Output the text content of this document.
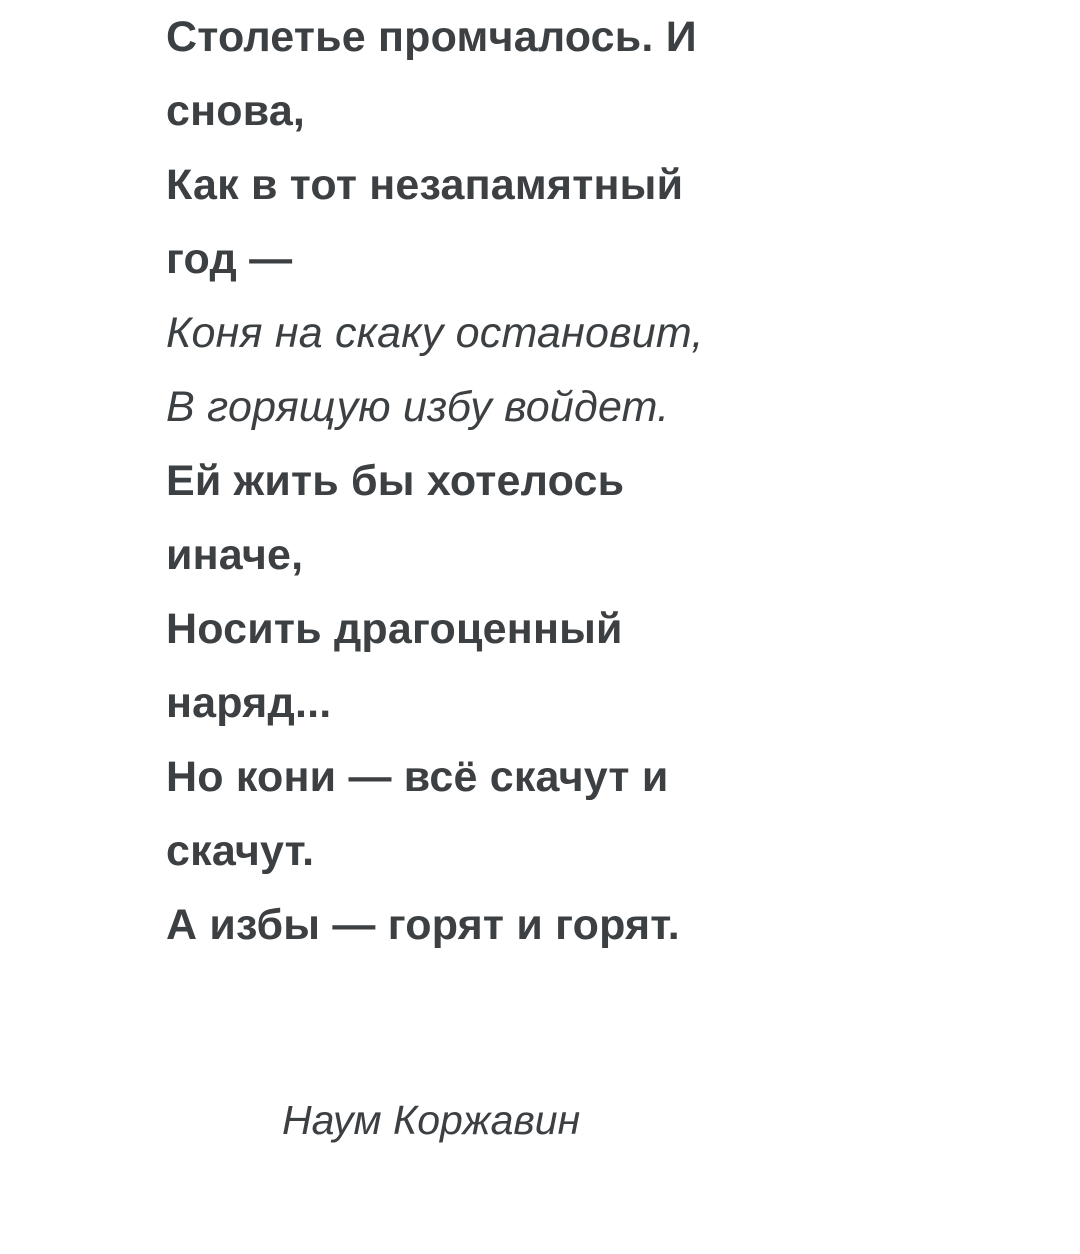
Столетье промчалось. И
снова,
Как в тот незапамятный
год —
Коня на скаку остановит,
В горящую избу войдет.
Ей жить бы хотелось
иначе,
Носить драгоценный
наряд...
Но кони — всё скачут и
скачут.
А избы — горят и горят.
Наум Коржавин
